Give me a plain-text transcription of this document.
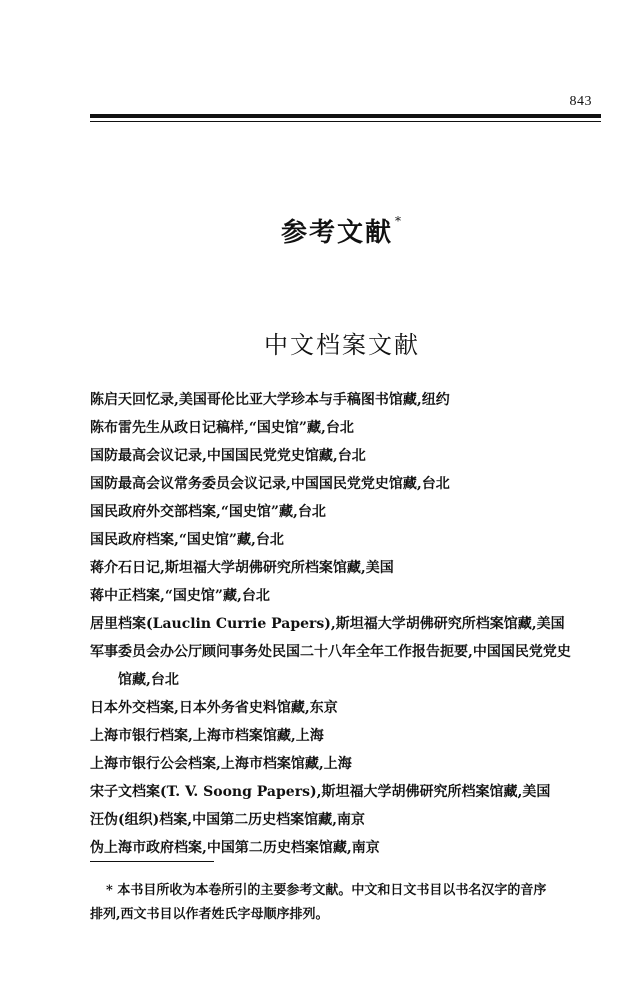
843
参考文献 *
中文档案文献
陈启天回忆录,美国哥伦比亚大学珍本与手稿图书馆藏,纽约
陈布雷先生从政日记稿样,“国史馆”藏,台北
国防最高会议记录,中国国民党党史馆藏,台北
国防最高会议常务委员会议记录,中国国民党党史馆藏,台北
国民政府外交部档案,“国史馆”藏,台北
国民政府档案,“国史馆”藏,台北
蒋介石日记,斯坦福大学胡佛研究所档案馆藏,美国
蒋中正档案,“国史馆”藏,台北
居里档案(Lauclin Currie Papers),斯坦福大学胡佛研究所档案馆藏,美国
军事委员会办公厅顾问事务处民国二十八年全年工作报告扼要,中国国民党党史
馆藏,台北
日本外交档案,日本外务省史料馆藏,东京
上海市银行档案,上海市档案馆藏,上海
上海市银行公会档案,上海市档案馆藏,上海
宋子文档案(T. V. Soong Papers),斯坦福大学胡佛研究所档案馆藏,美国
汪伪(组织)档案,中国第二历史档案馆藏,南京
伪上海市政府档案,中国第二历史档案馆藏,南京
* 本书目所收为本卷所引的主要参考文献。中文和日文书目以书名汉字的音序
排列,西文书目以作者姓氏字母顺序排列。
